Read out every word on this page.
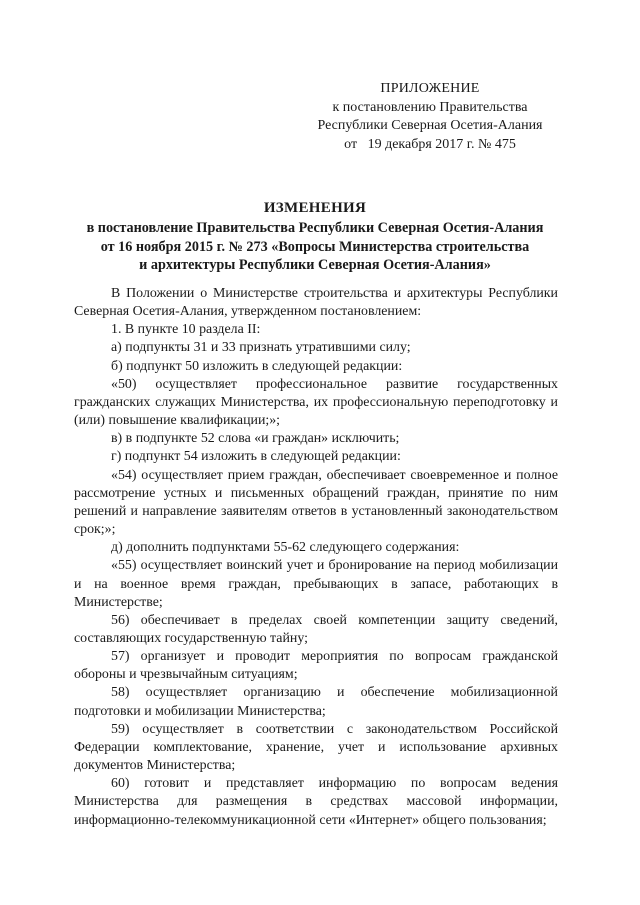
ПРИЛОЖЕНИЕ
к постановлению Правительства
Республики Северная Осетия-Алания
от   19 декабря 2017 г. № 475
ИЗМЕНЕНИЯ
в постановление Правительства Республики Северная Осетия-Алания
от 16 ноября 2015 г. № 273 «Вопросы Министерства строительства
и архитектуры Республики Северная Осетия-Алания»

В Положении о Министерстве строительства и архитектуры Республики Северная Осетия-Алания, утвержденном постановлением:

1. В пункте 10 раздела II:

а) подпункты 31 и 33 признать утратившими силу;

б) подпункт 50 изложить в следующей редакции:

«50) осуществляет профессиональное развитие государственных гражданских служащих Министерства, их профессиональную переподготовку и (или) повышение квалификации;»;

в) в подпункте 52 слова «и граждан» исключить;

г) подпункт 54 изложить в следующей редакции:

«54) осуществляет прием граждан, обеспечивает своевременное и полное рассмотрение устных и письменных обращений граждан, принятие по ним решений и направление заявителям ответов в установленный законодательством срок;»;

д) дополнить подпунктами 55-62 следующего содержания:

«55) осуществляет воинский учет и бронирование на период мобилизации и на военное время граждан, пребывающих в запасе, работающих в Министерстве;

56) обеспечивает в пределах своей компетенции защиту сведений, составляющих государственную тайну;

57) организует и проводит мероприятия по вопросам гражданской обороны и чрезвычайным ситуациям;

58) осуществляет организацию и обеспечение мобилизационной подготовки и мобилизации Министерства;

59) осуществляет в соответствии с законодательством Российской Федерации комплектование, хранение, учет и использование архивных документов Министерства;

60) готовит и представляет информацию по вопросам ведения Министерства для размещения в средствах массовой информации, информационно-телекоммуникационной сети «Интернет» общего пользования;
